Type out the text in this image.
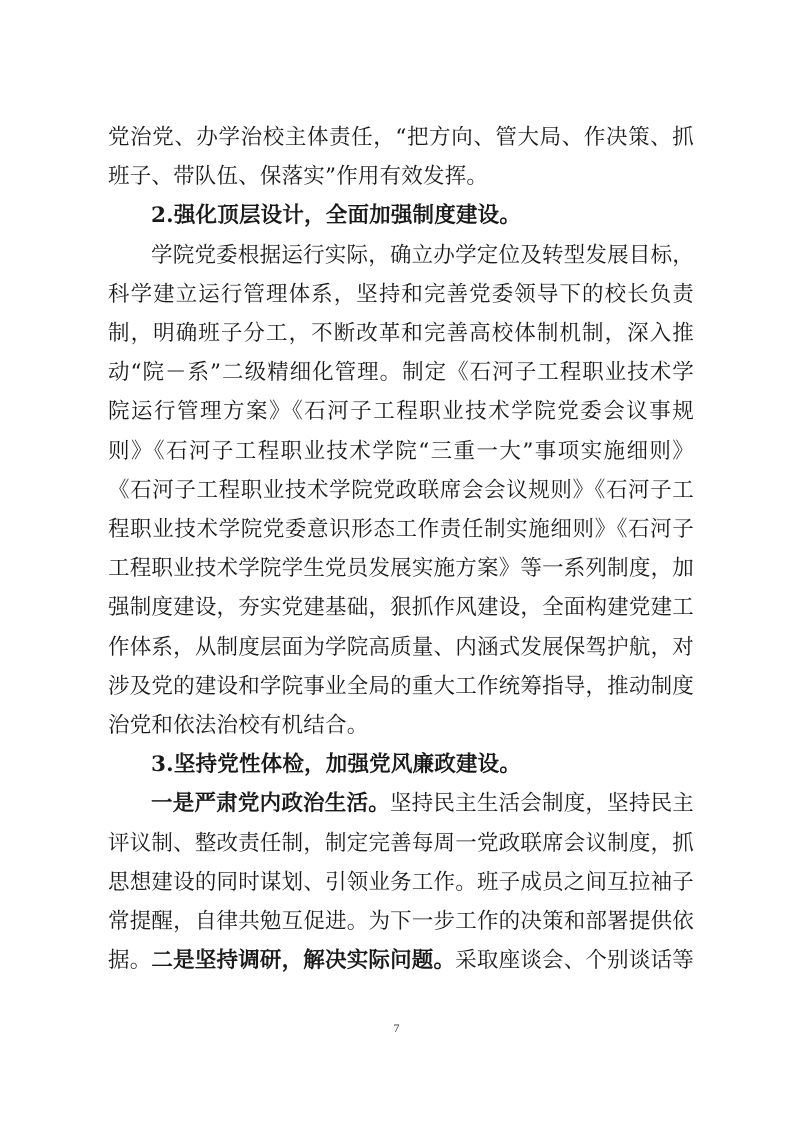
党治党、办学治校主体责任，“把方向、管大局、作决策、抓班子、带队伍、保落实”作用有效发挥。

2.强化顶层设计，全面加强制度建设。

学院党委根据运行实际，确立办学定位及转型发展目标，科学建立运行管理体系，坚持和完善党委领导下的校长负责制，明确班子分工，不断改革和完善高校体制机制，深入推动“院－系”二级精细化管理。制定《石河子工程职业技术学院运行管理方案》《石河子工程职业技术学院党委会议事规则》《石河子工程职业技术学院“三重一大”事项实施细则》《石河子工程职业技术学院党政联席会会议规则》《石河子工程职业技术学院党委意识形态工作责任制实施细则》《石河子工程职业技术学院学生党员发展实施方案》等一系列制度，加强制度建设，夯实党建基础，狠抓作风建设，全面构建党建工作体系，从制度层面为学院高质量、内涵式发展保驾护航，对涉及党的建设和学院事业全局的重大工作统筹指导，推动制度治党和依法治校有机结合。

3.坚持党性体检，加强党风廉政建设。

一是严肃党内政治生活。坚持民主生活会制度，坚持民主评议制、整改责任制，制定完善每周一党政联席会议制度，抓思想建设的同时谋划、引领业务工作。班子成员之间互拉袖子常提醒，自律共勉互促进。为下一步工作的决策和部署提供依据。二是坚持调研，解决实际问题。采取座谈会、个别谈话等

7
